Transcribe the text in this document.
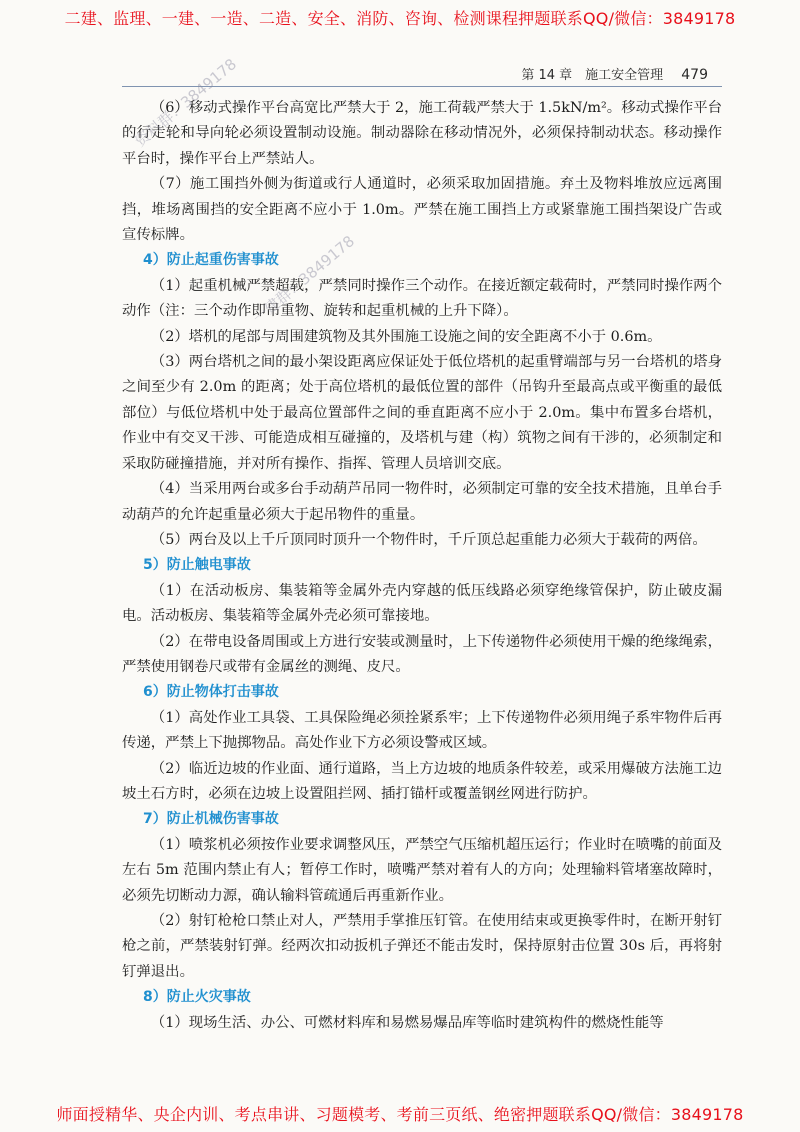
二建、监理、一建、一造、二造、安全、消防、咨询、检测课程押题联系QQ/微信：3849178
第 14 章　施工安全管理 479

（6）移动式操作平台高宽比严禁大于 2，施工荷载严禁大于 1.5kN/m²。移动式操作平台的行走轮和导向轮必须设置制动设施。制动器除在移动情况外，必须保持制动状态。移动操作平台时，操作平台上严禁站人。

（7）施工围挡外侧为街道或行人通道时，必须采取加固措施。弃土及物料堆放应远离围挡，堆场离围挡的安全距离不应小于 1.0m。严禁在施工围挡上方或紧靠施工围挡架设广告或宣传标牌。

4）防止起重伤害事故

（1）起重机械严禁超载，严禁同时操作三个动作。在接近额定载荷时，严禁同时操作两个动作（注：三个动作即吊重物、旋转和起重机械的上升下降）。

（2）塔机的尾部与周围建筑物及其外围施工设施之间的安全距离不小于 0.6m。

（3）两台塔机之间的最小架设距离应保证处于低位塔机的起重臂端部与另一台塔机的塔身之间至少有 2.0m 的距离；处于高位塔机的最低位置的部件（吊钩升至最高点或平衡重的最低部位）与低位塔机中处于最高位置部件之间的垂直距离不应小于 2.0m。集中布置多台塔机，作业中有交叉干涉、可能造成相互碰撞的，及塔机与建（构）筑物之间有干涉的，必须制定和采取防碰撞措施，并对所有操作、指挥、管理人员培训交底。

（4）当采用两台或多台手动葫芦吊同一物件时，必须制定可靠的安全技术措施，且单台手动葫芦的允许起重量必须大于起吊物件的重量。

（5）两台及以上千斤顶同时顶升一个物件时，千斤顶总起重能力必须大于载荷的两倍。

5）防止触电事故

（1）在活动板房、集装箱等金属外壳内穿越的低压线路必须穿绝缘管保护，防止破皮漏电。活动板房、集装箱等金属外壳必须可靠接地。

（2）在带电设备周围或上方进行安装或测量时，上下传递物件必须使用干燥的绝缘绳索，严禁使用钢卷尺或带有金属丝的测绳、皮尺。

6）防止物体打击事故

（1）高处作业工具袋、工具保险绳必须拴紧系牢；上下传递物件必须用绳子系牢物件后再传递，严禁上下抛掷物品。高处作业下方必须设警戒区域。

（2）临近边坡的作业面、通行道路，当上方边坡的地质条件较差，或采用爆破方法施工边坡土石方时，必须在边坡上设置阻拦网、插打锚杆或覆盖钢丝网进行防护。

7）防止机械伤害事故

（1）喷浆机必须按作业要求调整风压，严禁空气压缩机超压运行；作业时在喷嘴的前面及左右 5m 范围内禁止有人；暂停工作时，喷嘴严禁对着有人的方向；处理输料管堵塞故障时，必须先切断动力源，确认输料管疏通后再重新作业。

（2）射钉枪枪口禁止对人，严禁用手掌推压钉管。在使用结束或更换零件时，在断开射钉枪之前，严禁装射钉弹。经两次扣动扳机子弹还不能击发时，保持原射击位置 30s 后，再将射钉弹退出。

8）防止火灾事故

（1）现场生活、办公、可燃材料库和易燃易爆品库等临时建筑构件的燃烧性能等

资料群：3849178
一建群：3849178
师面授精华、央企内训、考点串讲、习题模考、考前三页纸、绝密押题联系QQ/微信：3849178
